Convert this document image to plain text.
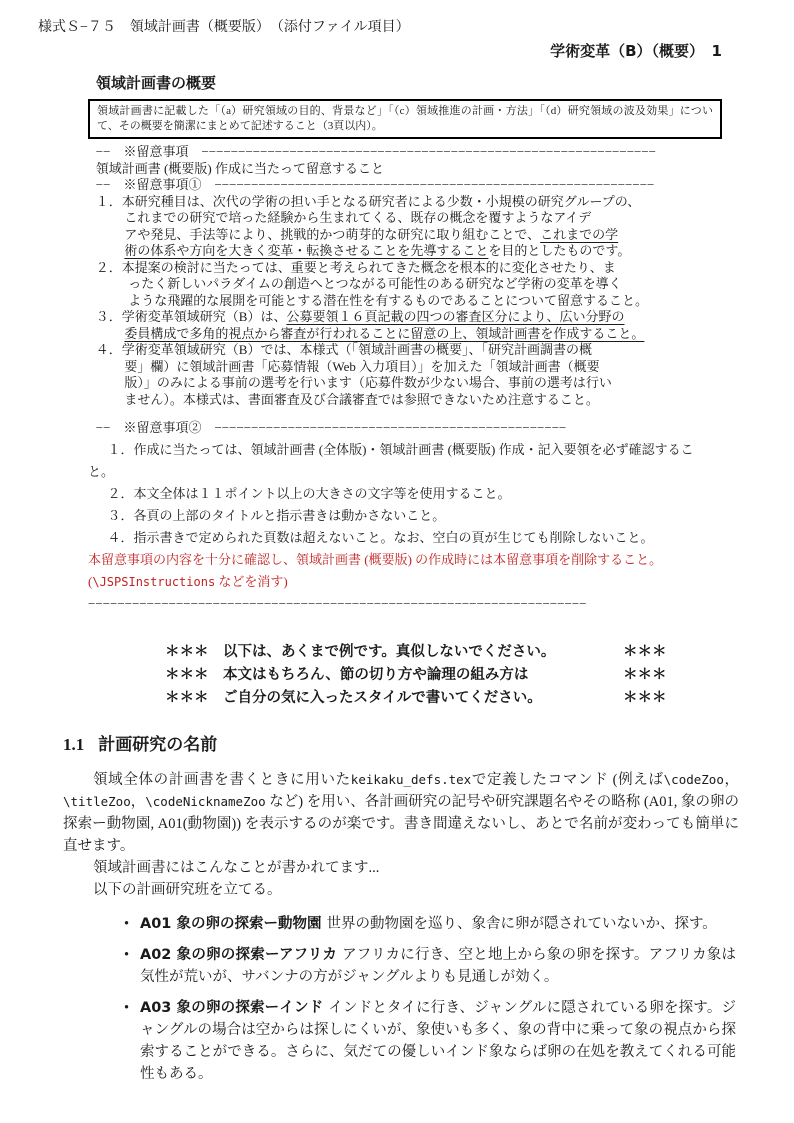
様式Ｓ−７５　領域計画書（概要版）　（添付ファイル項目）
学術変革（B）（概要）　1
領域計画書の概要
領域計画書に記載した「（a）研究領域の目的、背景など」「（c）領域推進の計画・方法」「（d）研究領域の波及効果」について、その概要を簡潔にまとめて記述すること（3頁以内）。
−−　※留意事項　−−−−−−−−−−−−−−−−−−−−−−−−−−−−−−−−−−−−−−−−−−−−−−−−−−−−−−−−−−−−−−
領域計画書 (概要版) 作成に当たって留意すること
−−　※留意事項①　−−−−−−−−−−−−−−−−−−−−−−−−−−−−−−−−−−−−−−−−−−−−−−−−−−−−−−−−−−−−
１．本研究種目は、次代の学術の担い手となる研究者による少数・小規模の研究グループの、
これまでの研究で培った経験から生まれてくる、既存の概念を覆すようなアイデ
アや発見、手法等により、挑戦的かつ萌芽的な研究に取り組むことで、これまでの学
術の体系や方向を大きく変革・転換させることを先導することを目的としたものです。
２．本提案の検討に当たっては、重要と考えられてきた概念を根本的に変化させたり、ま
ったく新しいパラダイムの創造へとつながる可能性のある研究など学術の変革を導く
ような飛躍的な展開を可能とする潜在性を有するものであることについて留意すること。
３．学術変革領域研究（B）は、公募要領１６頁記載の四つの審査区分により、広い分野の
委員構成で多角的視点から審査が行われることに留意の上、領域計画書を作成すること。
４．学術変革領域研究（B）では、本様式（「領域計画書の概要」、「研究計画調書の概
要」欄）に領域計画書「応募情報（Web 入力項目）」を加えた「領域計画書（概要
版）」のみによる事前の選考を行います（応募件数が少ない場合、事前の選考は行い
ません）。本様式は、書面審査及び合議審査では参照できないため注意すること。
−−　※留意事項②　−−−−−−−−−−−−−−−−−−−−−−−−−−−−−−−−−−−−−−−−−−−−−−−−
１．作成に当たっては、領域計画書 (全体版)・領域計画書 (概要版) 作成・記入要領を必ず確認するこ
と。
２．本文全体は１１ポイント以上の大きさの文字等を使用すること。
３．各頁の上部のタイトルと指示書きは動かさないこと。
４．指示書きで定められた頁数は超えないこと。なお、空白の頁が生じても削除しないこと。
本留意事項の内容を十分に確認し、領域計画書 (概要版) の作成時には本留意事項を削除すること。
(\JSPSInstructions などを消す)
−−−−−−−−−−−−−−−−−−−−−−−−−−−−−−−−−−−−−−−−−−−−−−−−−−−−−−−−−−−−−−−−−−−−
＊＊＊	以下は、あくまで例です。真似しないでください。	＊＊＊
＊＊＊	本文はもちろん、節の切り方や論理の組み方は	＊＊＊
＊＊＊	ご自分の気に入ったスタイルで書いてください。	＊＊＊
1.1 計画研究の名前
領域全体の計画書を書くときに用いたkeikaku_defs.texで定義したコマンド (例えば\codeZoo，\titleZoo，\codeNicknameZoo など) を用い、各計画研究の記号や研究課題名やその略称 (A01, 象の卵の探索ー動物園, A01(動物園)) を表示するのが楽です。書き間違えないし、あとで名前が変わっても簡単に直せます。

領域計画書にはこんなことが書かれてます...

以下の計画研究班を立てる。

• A01 象の卵の探索ー動物園 世界の動物園を巡り、象舎に卵が隠されていないか、探す。
• A02 象の卵の探索ーアフリカ アフリカに行き、空と地上から象の卵を探す。アフリカ象は気性が荒いが、サバンナの方がジャングルよりも見通しが効く。
• A03 象の卵の探索ーインド インドとタイに行き、ジャングルに隠されている卵を探す。ジャングルの場合は空からは探しにくいが、象使いも多く、象の背中に乗って象の視点から探索することができる。さらに、気だての優しいインド象ならば卵の在処を教えてくれる可能性もある。
